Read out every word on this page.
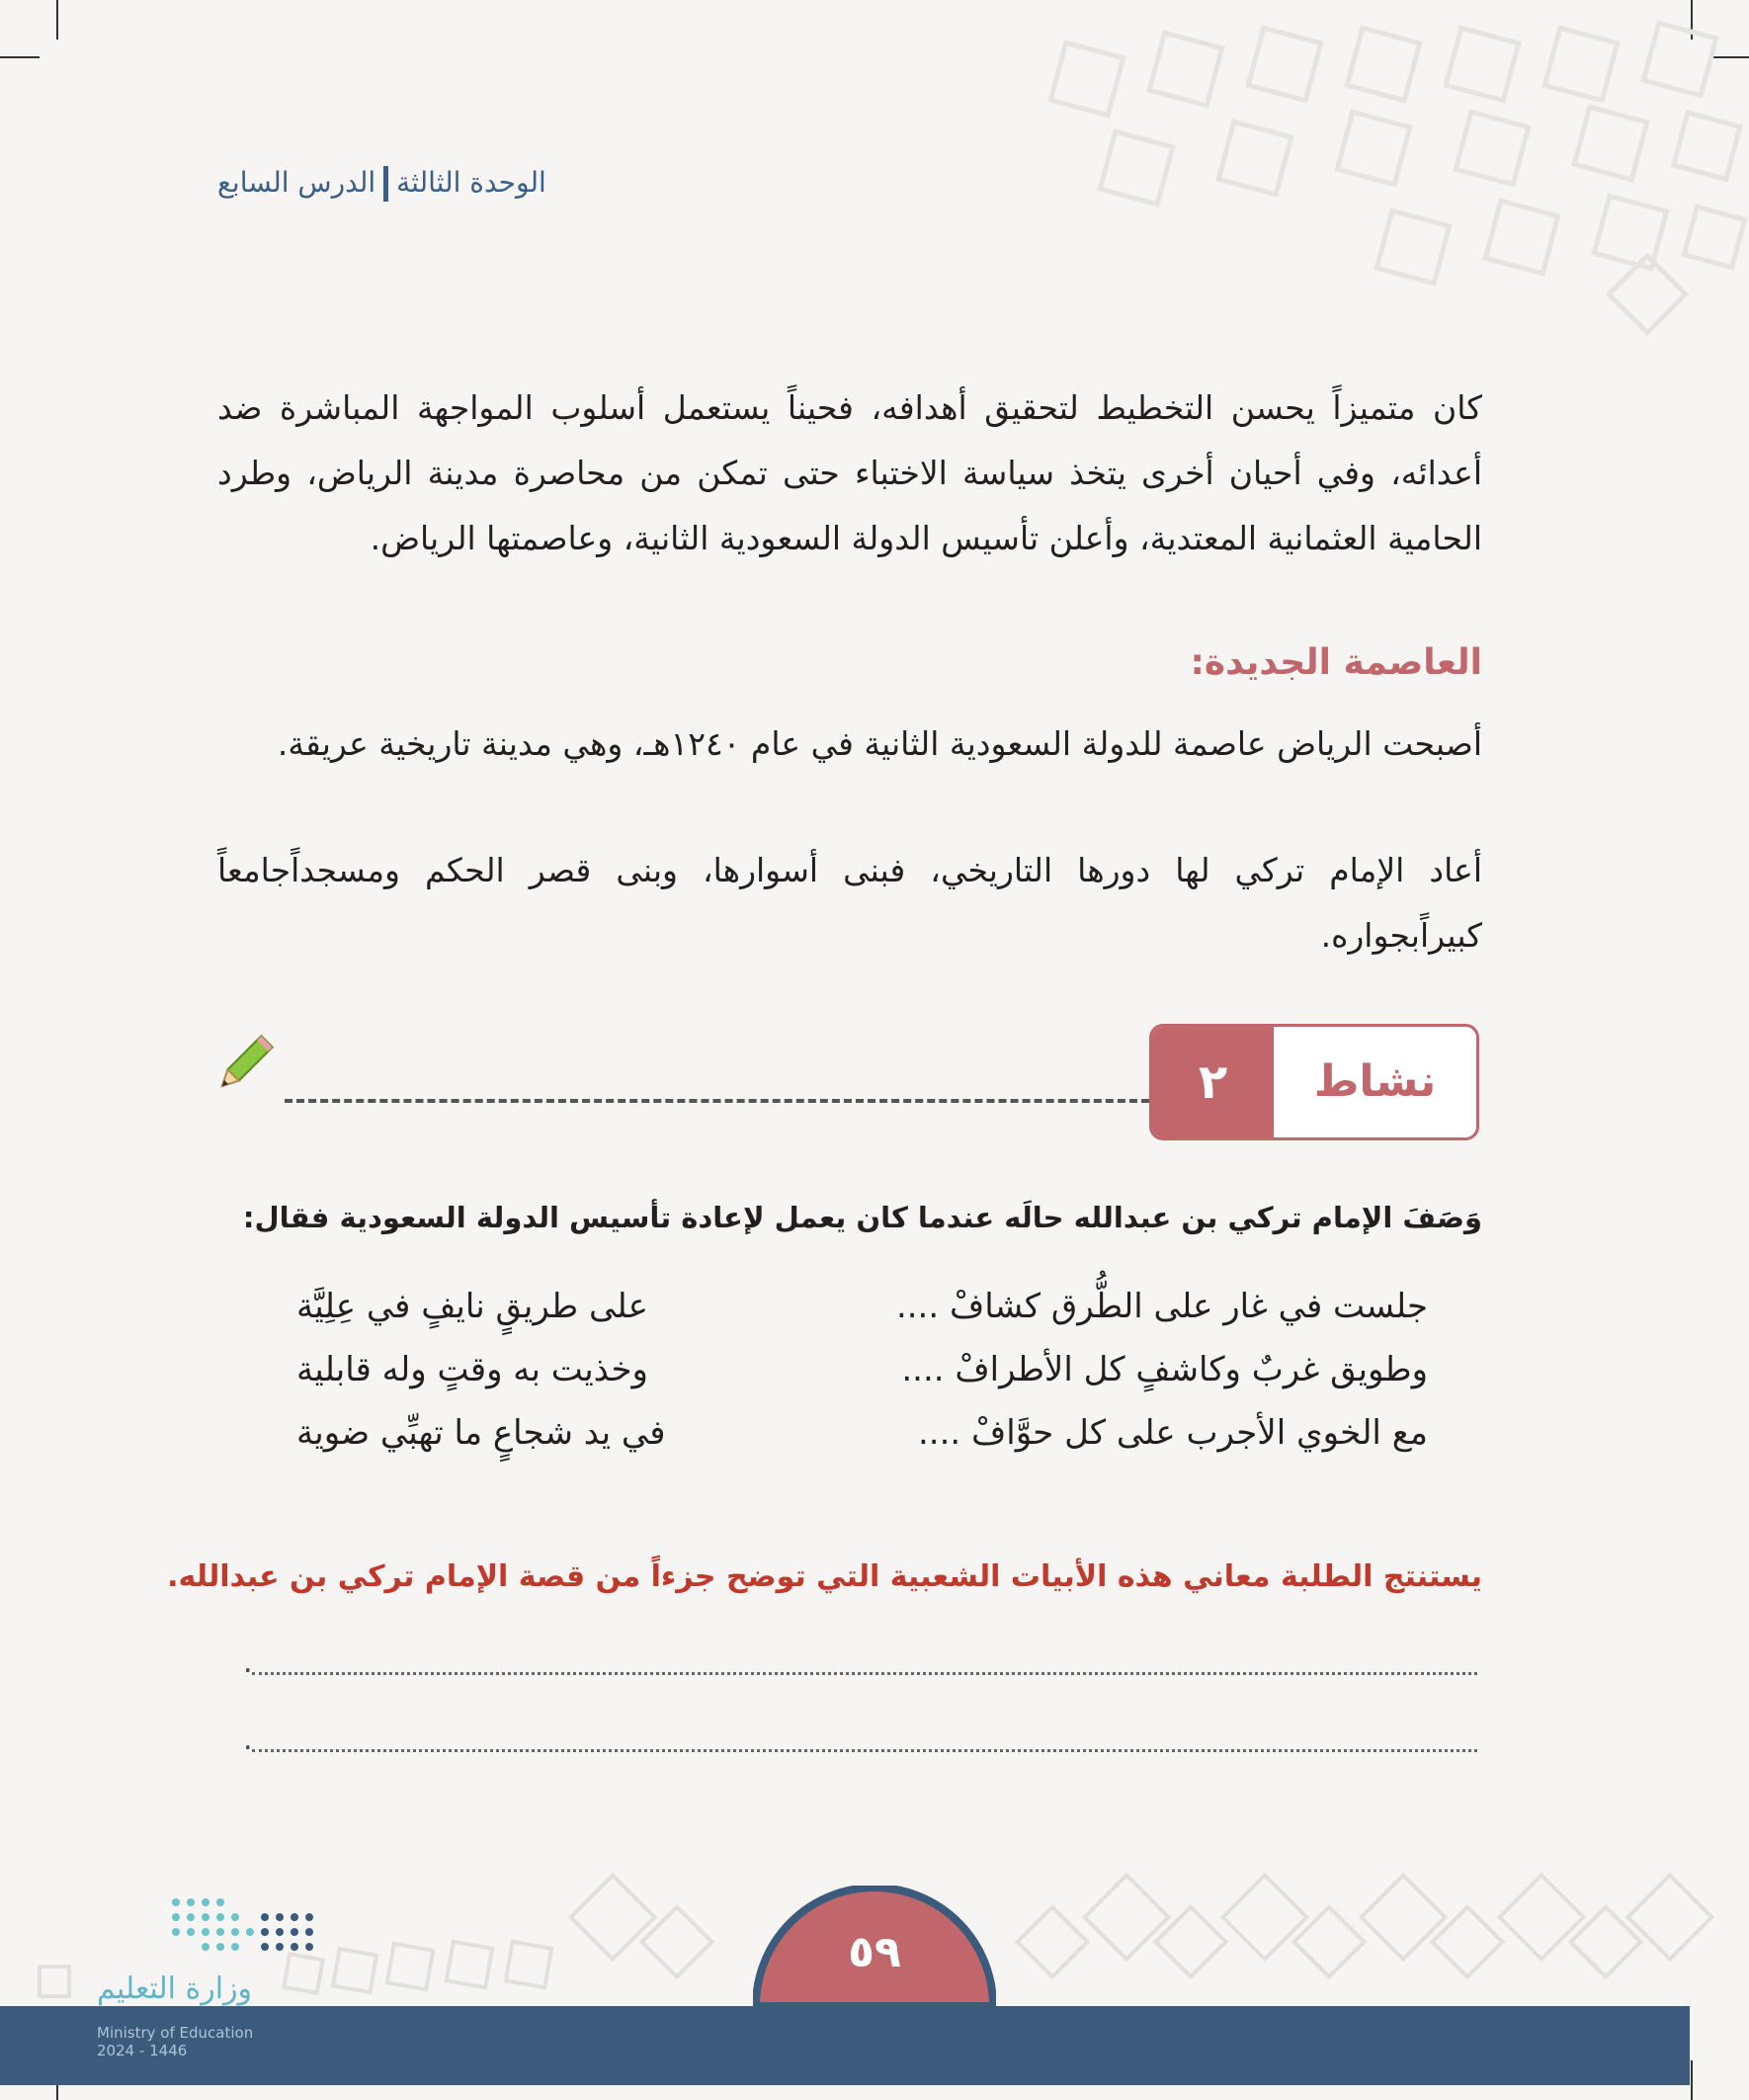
الوحدة الثالثةالدرس السابع
كان متميزاً يحسن التخطيط لتحقيق أهدافه، فحيناً يستعمل أسلوب المواجهة المباشرة ضد أعدائه، وفي أحيان أخرى يتخذ سياسة الاختباء حتى تمكن من محاصرة مدينة الرياض، وطرد الحامية العثمانية المعتدية، وأعلن تأسيس الدولة السعودية الثانية، وعاصمتها الرياض.
العاصمة الجديدة:
أصبحت الرياض عاصمة للدولة السعودية الثانية في عام ١٢٤٠هـ، وهي مدينة تاريخية عريقة.
أعاد الإمام تركي لها دورها التاريخي، فبنى أسوارها، وبنى قصر الحكم ومسجداًجامعاً كبيراًبجواره.
٢	نشاط
وَصَفَ الإمام تركي بن عبدالله حالَه عندما كان يعمل لإعادة تأسيس الدولة السعودية فقال:
جلست في غار على الطُّرق كشافْ ....
على طريقٍ نايفٍ في عِلِيَّة
وطويق غربٌ وكاشفٍ كل الأطرافْ ....
وخذيت به وقتٍ وله قابلية
مع الخوي الأجرب على كل حوَّافْ ....
في يد شجاعٍ ما تهبِّي ضوية
يستنتج الطلبة معاني هذه الأبيات الشعبية التي توضح جزءاً من قصة الإمام تركي بن عبدالله.
.
.
٥٩
وزارة التعليم
Ministry of Education
2024 - 1446
